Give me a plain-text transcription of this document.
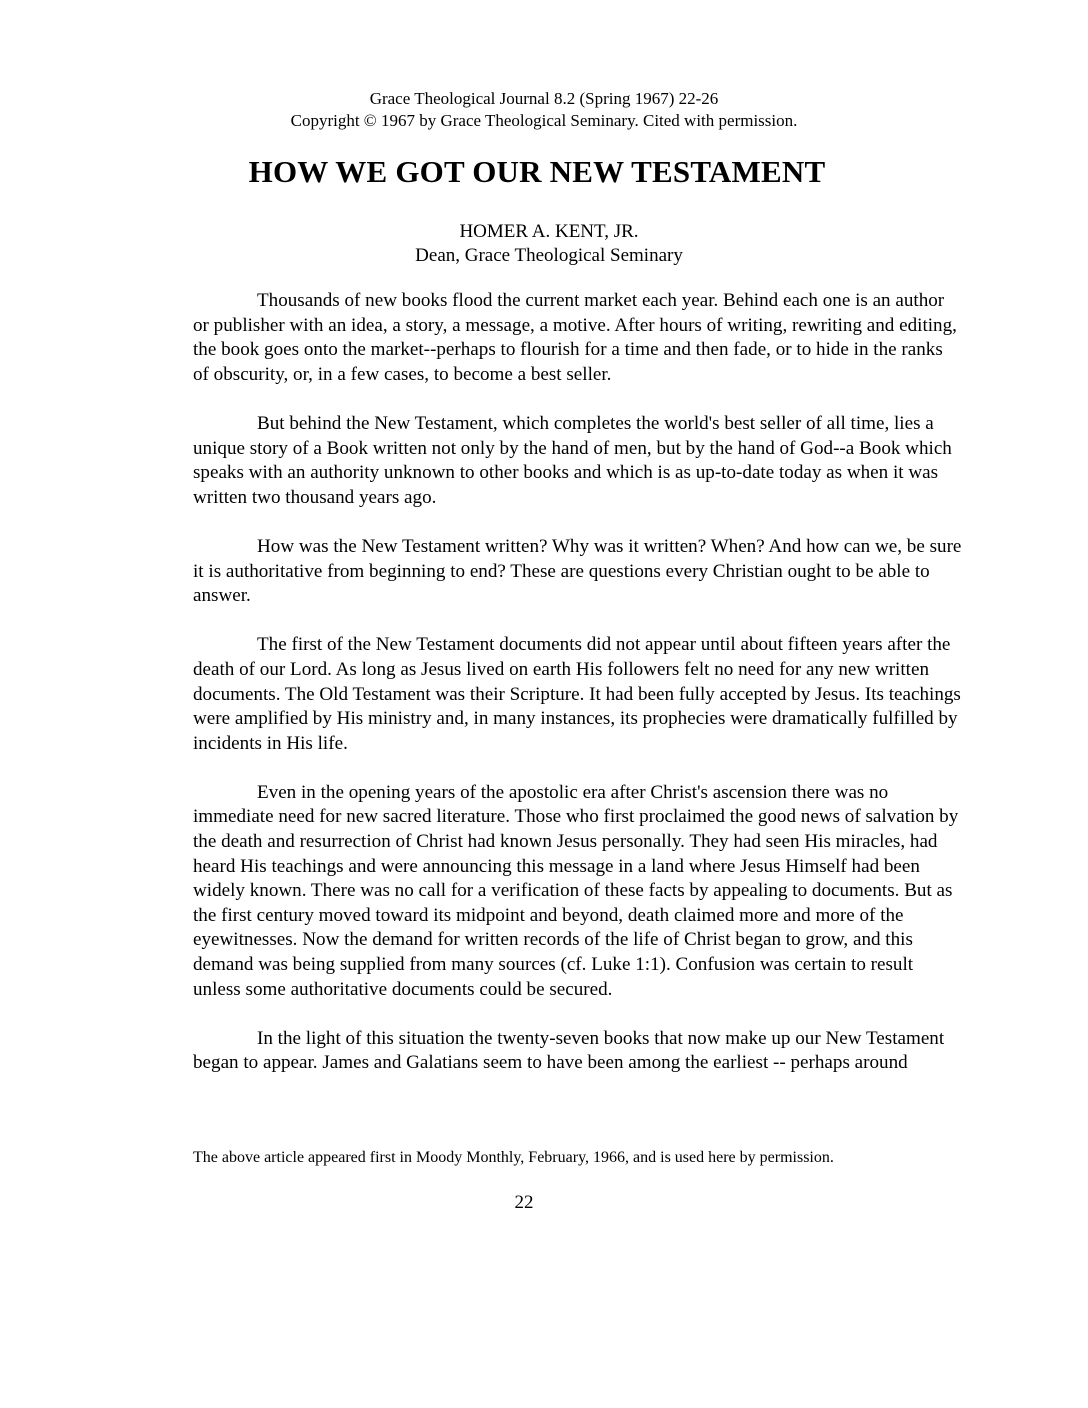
Grace Theological Journal 8.2 (Spring 1967) 22-26
Copyright © 1967 by Grace Theological Seminary. Cited with permission.
HOW WE GOT OUR NEW TESTAMENT
HOMER A. KENT, JR.
Dean, Grace Theological Seminary

Thousands of new books flood the current market each year. Behind each one is an author or publisher with an idea, a story, a message, a motive. After hours of writing, rewriting and editing, the book goes onto the market--perhaps to flourish for a time and then fade, or to hide in the ranks of obscurity, or, in a few cases, to become a best seller.

But behind the New Testament, which completes the world's best seller of all time, lies a unique story of a Book written not only by the hand of men, but by the hand of God--a Book which speaks with an authority unknown to other books and which is as up-to-date today as when it was written two thousand years ago.

How was the New Testament written? Why was it written? When? And how can we, be sure it is authoritative from beginning to end? These are questions every Christian ought to be able to answer.

The first of the New Testament documents did not appear until about fifteen years after the death of our Lord. As long as Jesus lived on earth His followers felt no need for any new written documents. The Old Testament was their Scripture. It had been fully accepted by Jesus. Its teachings were amplified by His ministry and, in many instances, its prophecies were dramatically fulfilled by incidents in His life.

Even in the opening years of the apostolic era after Christ's ascension there was no immediate need for new sacred literature. Those who first proclaimed the good news of salvation by the death and resurrection of Christ had known Jesus personally. They had seen His miracles, had heard His teachings and were announcing this message in a land where Jesus Himself had been widely known. There was no call for a verification of these facts by appealing to documents. But as the first century moved toward its midpoint and beyond, death claimed more and more of the eyewitnesses. Now the demand for written records of the life of Christ began to grow, and this demand was being supplied from many sources (cf. Luke 1:1). Confusion was certain to result unless some authoritative documents could be secured.

In the light of this situation the twenty-seven books that now make up our New Testament began to appear. James and Galatians seem to have been among the earliest -- perhaps around

The above article appeared first in Moody Monthly, February, 1966, and is used here by permission.
22
